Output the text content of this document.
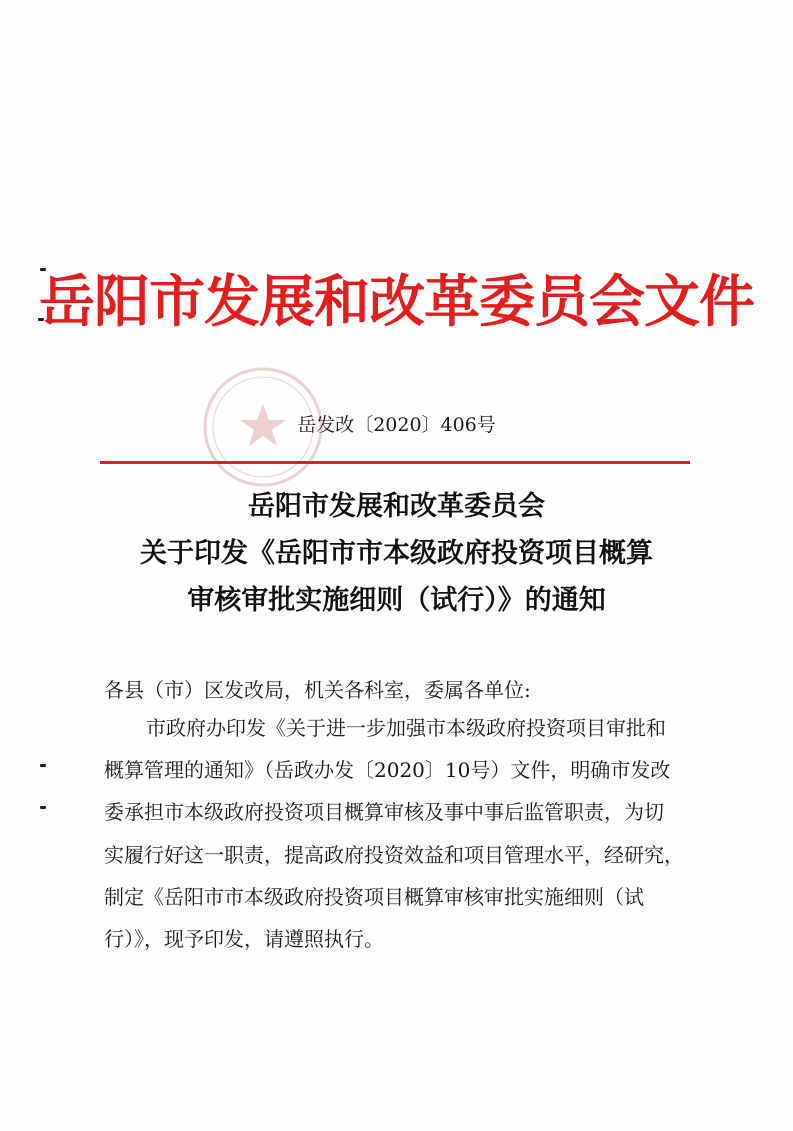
岳阳市发展和改革委员会文件
岳发改〔2020〕406号
岳阳市发展和改革委员会
关于印发《岳阳市市本级政府投资项目概算
审核审批实施细则（试行）》的通知
各县（市）区发改局，机关各科室，委属各单位:
市政府办印发《关于进一步加强市本级政府投资项目审批和
概算管理的通知》（岳政办发〔2020〕10号）文件，明确市发改
委承担市本级政府投资项目概算审核及事中事后监管职责，为切
实履行好这一职责，提高政府投资效益和项目管理水平，经研究，
制定《岳阳市市本级政府投资项目概算审核审批实施细则（试
行）》，现予印发，请遵照执行。
